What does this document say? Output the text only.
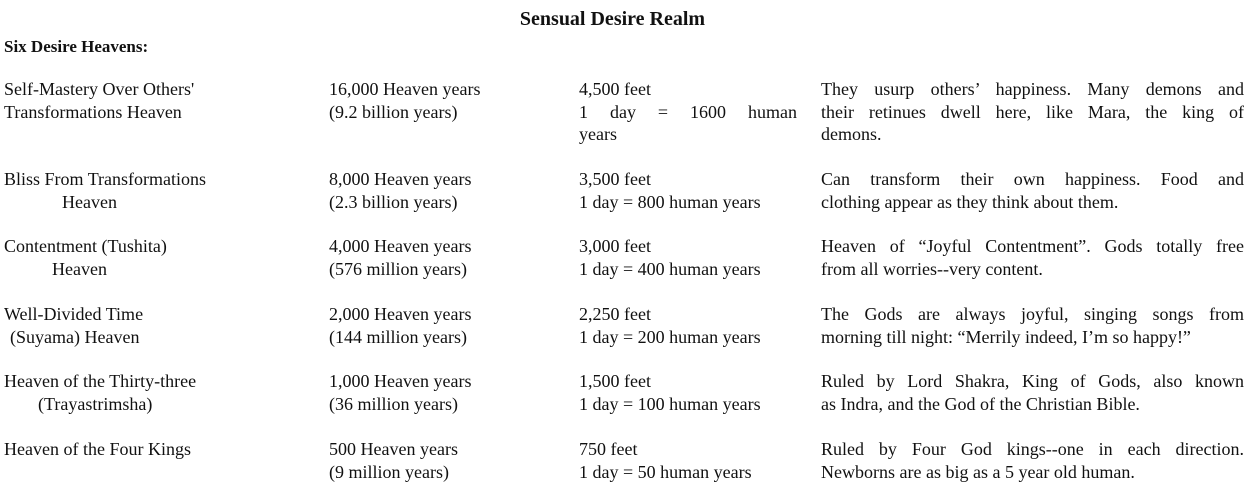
Sensual Desire Realm
Six Desire Heavens:
Self-Mastery Over Others'
Transformations Heaven
16,000 Heaven years
(9.2 billion years)
4,500 feet
1 day = 1600 human
years
They usurp others’ happiness. Many demons and
their retinues dwell here, like Mara, the king of
demons.
Bliss From Transformations
Heaven
8,000 Heaven years
(2.3 billion years)
3,500 feet
1 day = 800 human years
Can transform their own happiness. Food and
clothing appear as they think about them.
Contentment (Tushita)
Heaven
4,000 Heaven years
(576 million years)
3,000 feet
1 day = 400 human years
Heaven of “Joyful Contentment”. Gods totally free
from all worries--very content.
Well-Divided Time
(Suyama) Heaven
2,000 Heaven years
(144 million years)
2,250 feet
1 day = 200 human years
The Gods are always joyful, singing songs from
morning till night: “Merrily indeed, I’m so happy!”
Heaven of the Thirty-three
(Trayastrimsha)
1,000 Heaven years
(36 million years)
1,500 feet
1 day = 100 human years
Ruled by Lord Shakra, King of Gods, also known
as Indra, and the God of the Christian Bible.
Heaven of the Four Kings	500 Heaven years
(9 million years)
750 feet
1 day = 50 human years
Ruled by Four God kings--one in each direction.
Newborns are as big as a 5 year old human.
